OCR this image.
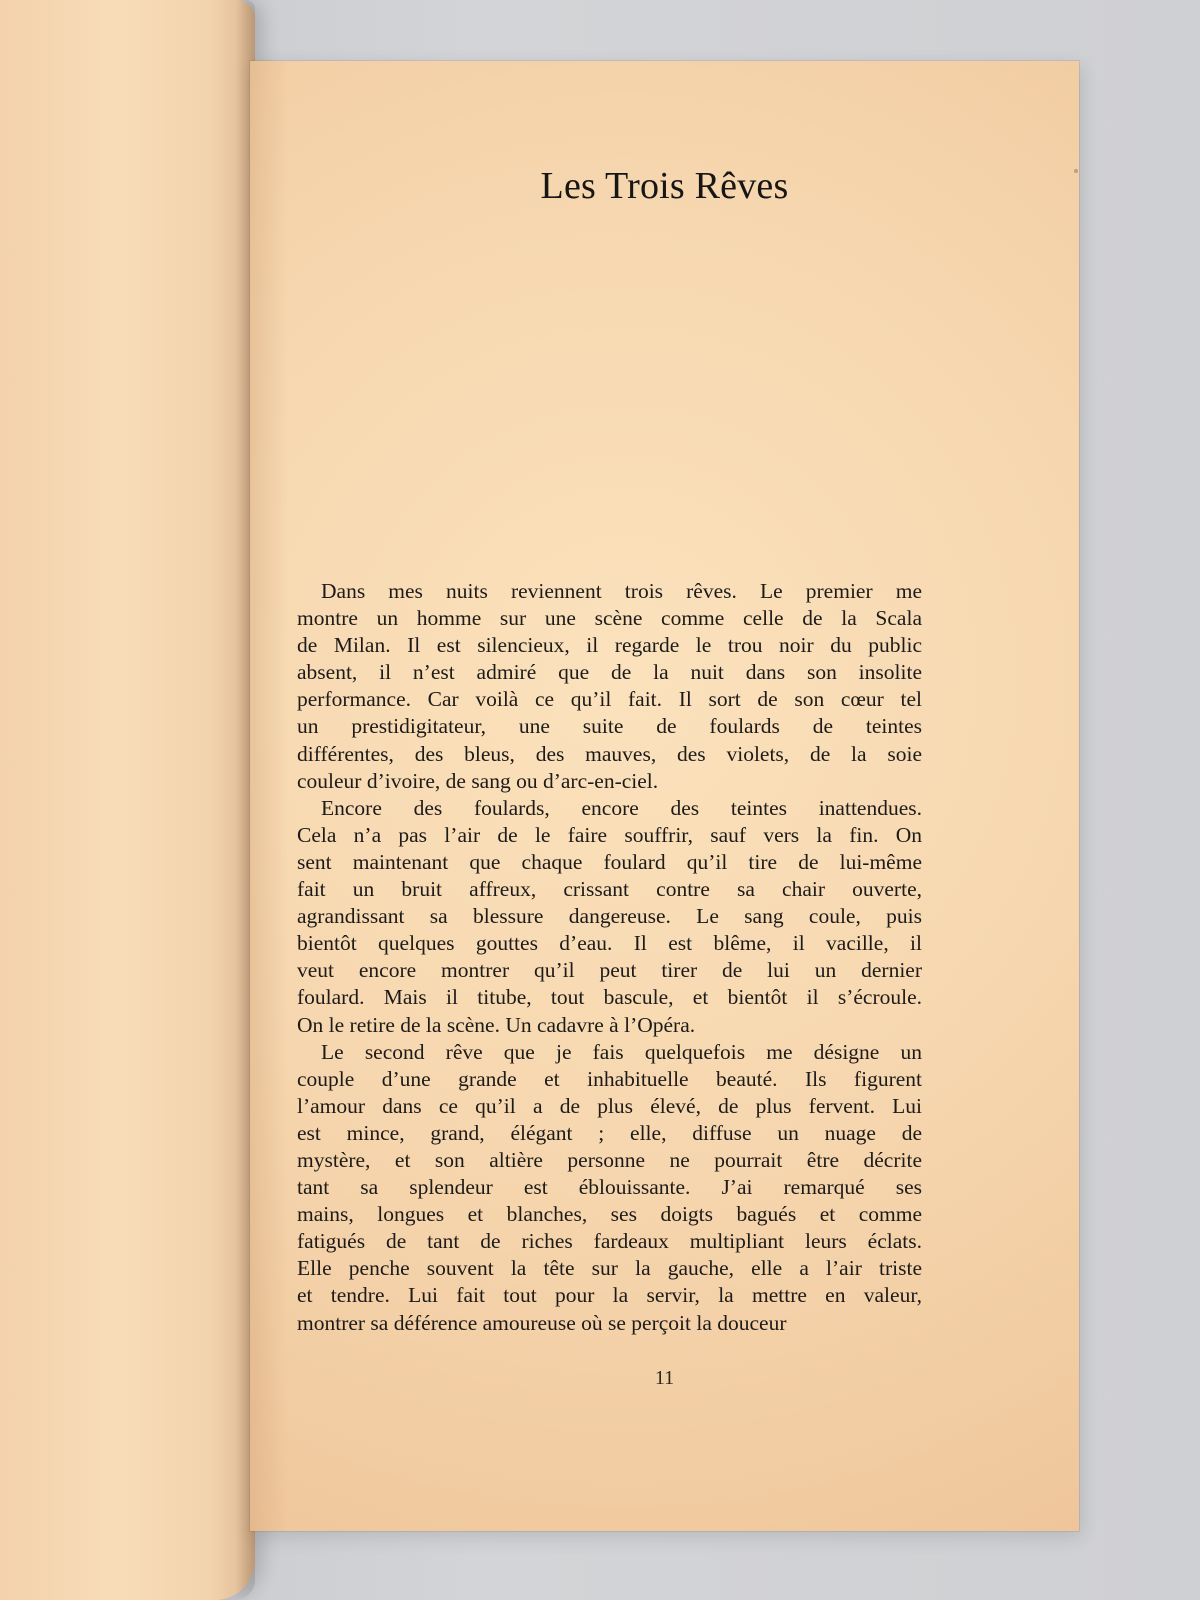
Les Trois Rêves
Dans mes nuits reviennent trois rêves. Le premier me
montre un homme sur une scène comme celle de la Scala
de Milan. Il est silencieux, il regarde le trou noir du public
absent, il n’est admiré que de la nuit dans son insolite
performance. Car voilà ce qu’il fait. Il sort de son cœur tel
un prestidigitateur, une suite de foulards de teintes
différentes, des bleus, des mauves, des violets, de la soie
couleur d’ivoire, de sang ou d’arc-en-ciel.
Encore des foulards, encore des teintes inattendues.
Cela n’a pas l’air de le faire souffrir, sauf vers la fin. On
sent maintenant que chaque foulard qu’il tire de lui-même
fait un bruit affreux, crissant contre sa chair ouverte,
agrandissant sa blessure dangereuse. Le sang coule, puis
bientôt quelques gouttes d’eau. Il est blême, il vacille, il
veut encore montrer qu’il peut tirer de lui un dernier
foulard. Mais il titube, tout bascule, et bientôt il s’écroule.
On le retire de la scène. Un cadavre à l’Opéra.
Le second rêve que je fais quelquefois me désigne un
couple d’une grande et inhabituelle beauté. Ils figurent
l’amour dans ce qu’il a de plus élevé, de plus fervent. Lui
est mince, grand, élégant ; elle, diffuse un nuage de
mystère, et son altière personne ne pourrait être décrite
tant sa splendeur est éblouissante. J’ai remarqué ses
mains, longues et blanches, ses doigts bagués et comme
fatigués de tant de riches fardeaux multipliant leurs éclats.
Elle penche souvent la tête sur la gauche, elle a l’air triste
et tendre. Lui fait tout pour la servir, la mettre en valeur,
montrer sa déférence amoureuse où se perçoit la douceur
11
